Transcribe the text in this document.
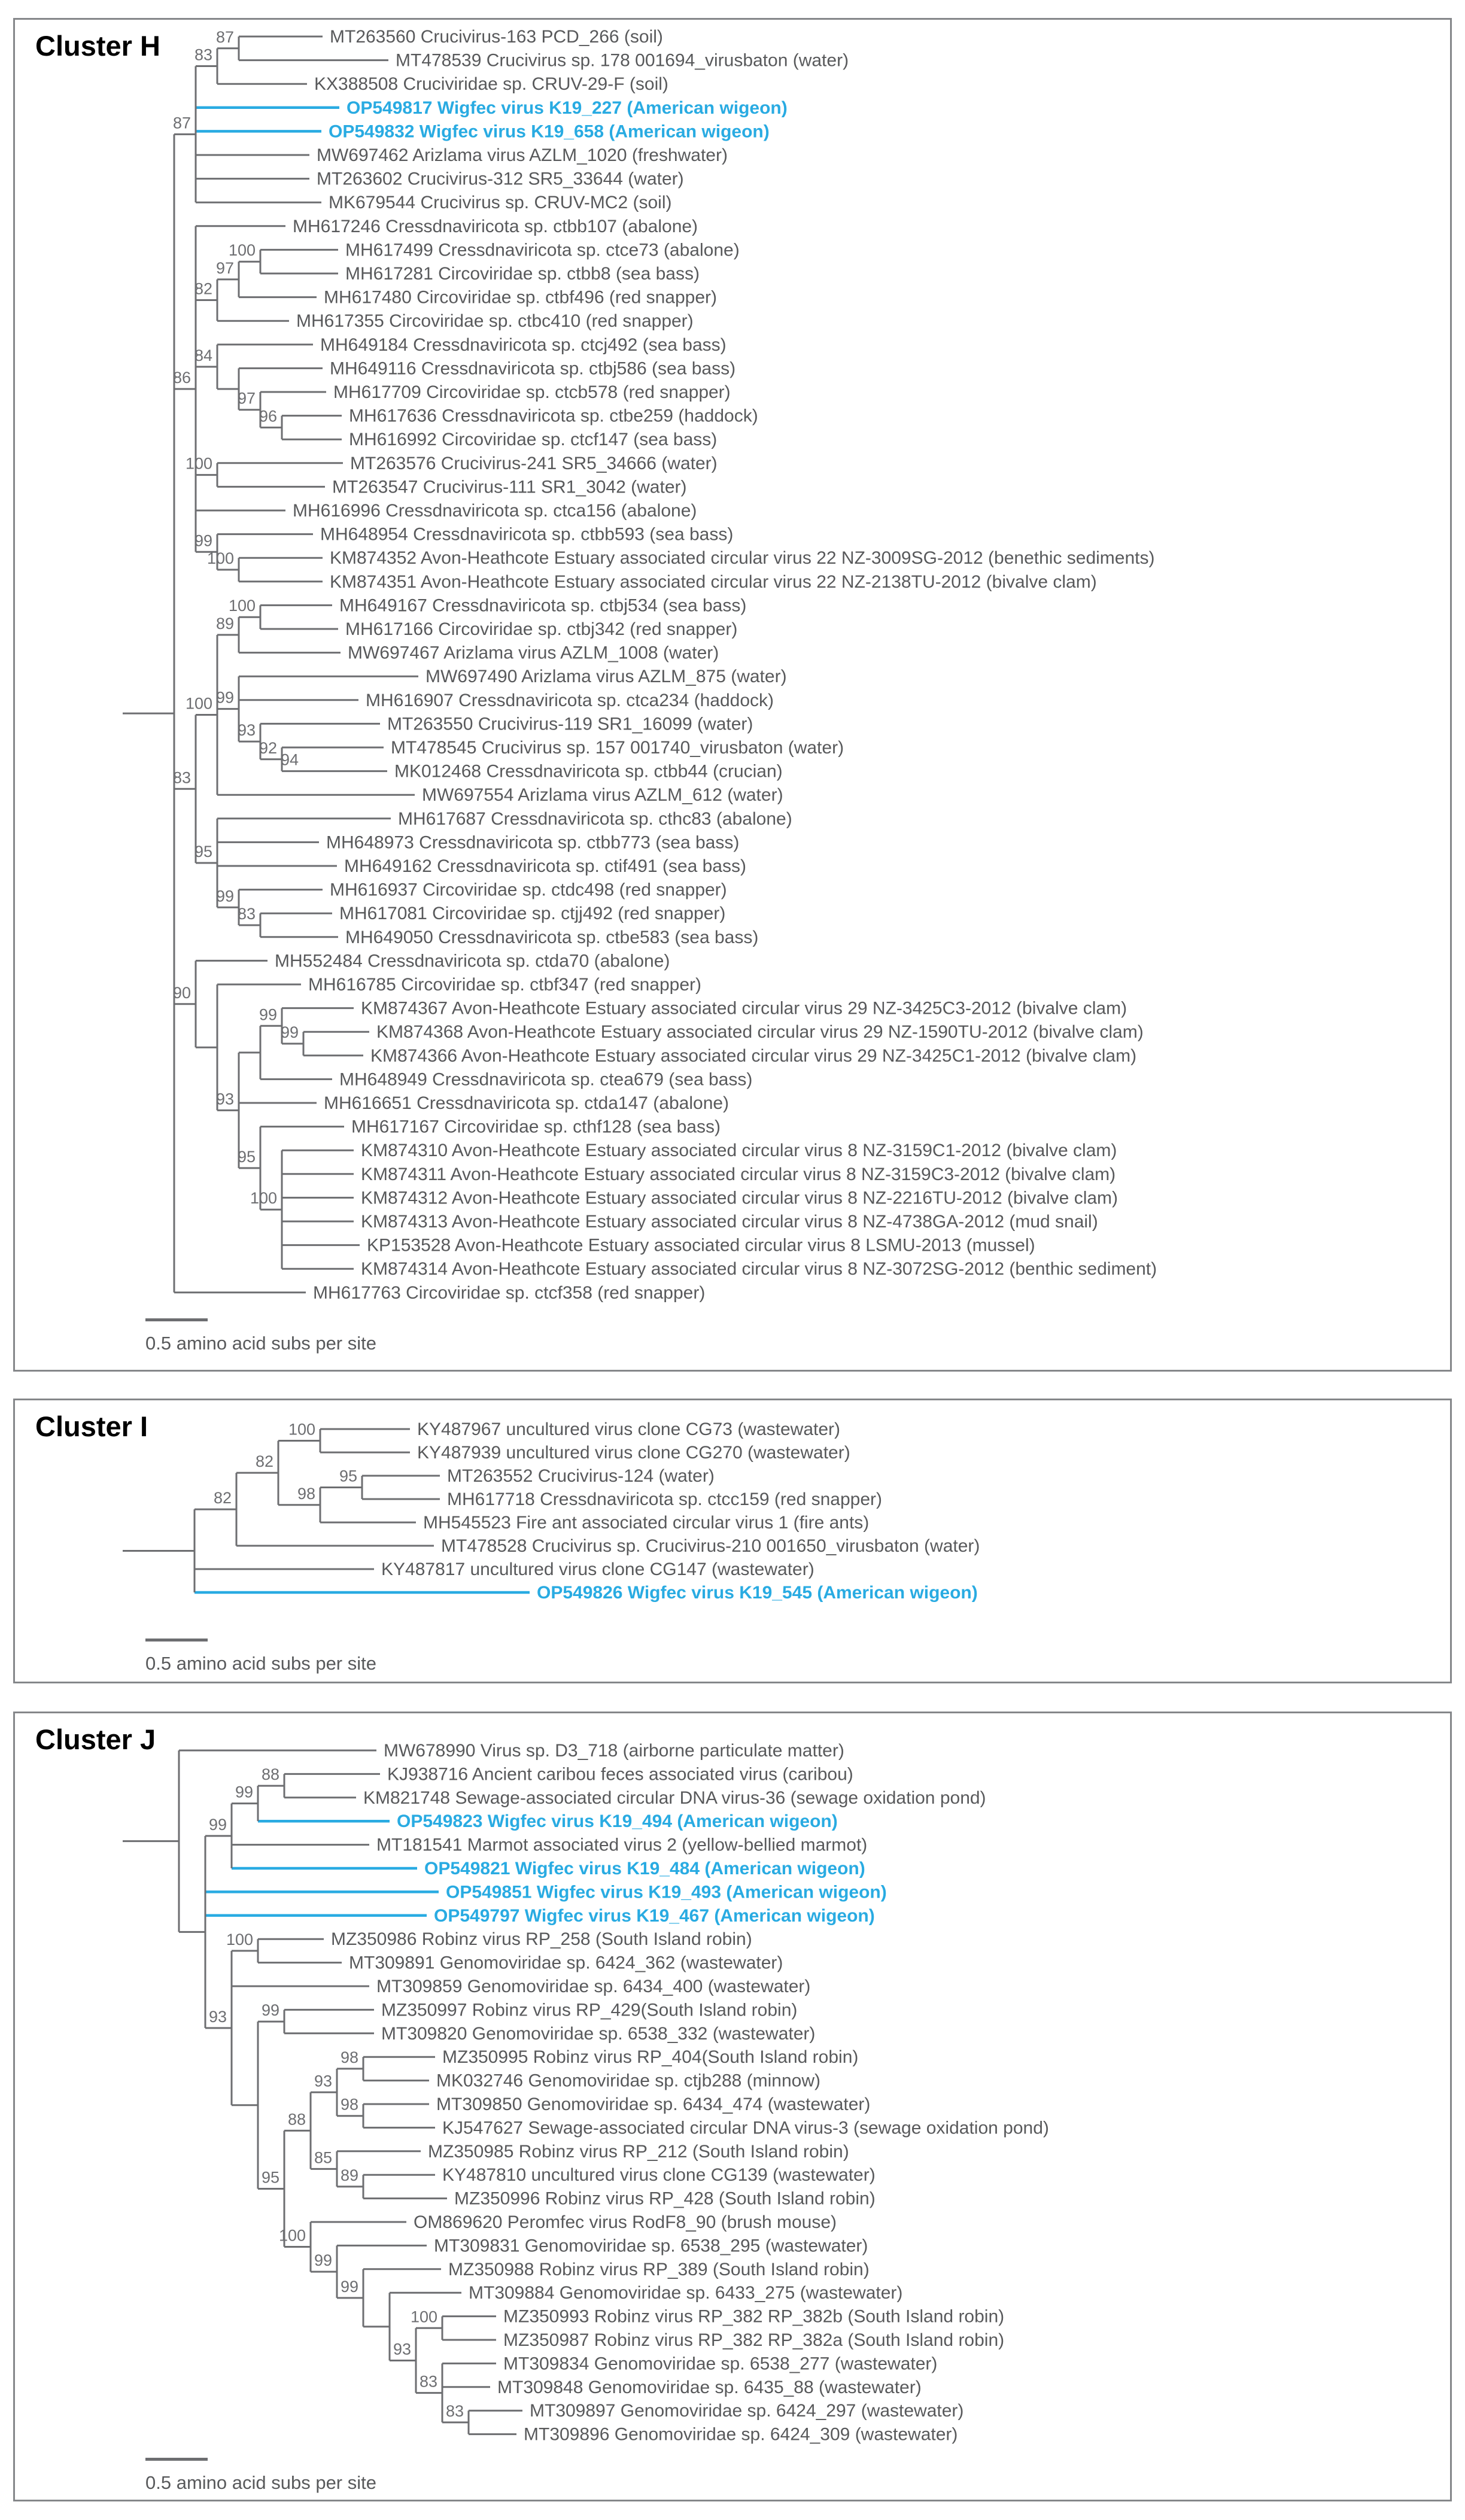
Cluster H	MT263560 Crucivirus-163 PCD_266 (soil)
MT478539 Crucivirus sp. 178 001694_virusbaton (water)
87
KX388508 Cruciviridae sp. CRUV-29-F (soil)
83
OP549817 Wigfec virus K19_227 (American wigeon)
OP549832 Wigfec virus K19_658 (American wigeon)
MW697462 Arizlama virus AZLM_1020 (freshwater)
MT263602 Crucivirus-312 SR5_33644 (water)
MK679544 Crucivirus sp. CRUV-MC2 (soil)
87
MH617246 Cressdnaviricota sp. ctbb107 (abalone)
MH617499 Cressdnaviricota sp. ctce73 (abalone)
MH617281 Circoviridae sp. ctbb8 (sea bass)
100
MH617480 Circoviridae sp. ctbf496 (red snapper)
97
MH617355 Circoviridae sp. ctbc410 (red snapper)
82
MH649184 Cressdnaviricota sp. ctcj492 (sea bass)
MH649116 Cressdnaviricota sp. ctbj586 (sea bass)
MH617709 Circoviridae sp. ctcb578 (red snapper)
MH617636 Cressdnaviricota sp. ctbe259 (haddock)
MH616992 Circoviridae sp. ctcf147 (sea bass)
96
97
84
MT263576 Crucivirus-241 SR5_34666 (water)
MT263547 Crucivirus-111 SR1_3042 (water)
100
MH616996 Cressdnaviricota sp. ctca156 (abalone)
MH648954 Cressdnaviricota sp. ctbb593 (sea bass)
KM874352 Avon-Heathcote Estuary associated circular virus 22 NZ-3009SG-2012 (benethic sediments)
KM874351 Avon-Heathcote Estuary associated circular virus 22 NZ-2138TU-2012 (bivalve clam)
100
99
86
MH649167 Cressdnaviricota sp. ctbj534 (sea bass)
MH617166 Circoviridae sp. ctbj342 (red snapper)
100
MW697467 Arizlama virus AZLM_1008 (water)
89
MW697490 Arizlama virus AZLM_875 (water)
MH616907 Cressdnaviricota sp. ctca234 (haddock)
MT263550 Crucivirus-119 SR1_16099 (water)
MT478545 Crucivirus sp. 157 001740_virusbaton (water)
MK012468 Cressdnaviricota sp. ctbb44 (crucian)
94
92
93
99
MW697554 Arizlama virus AZLM_612 (water)
100
MH617687 Cressdnaviricota sp. cthc83 (abalone)
MH648973 Cressdnaviricota sp. ctbb773 (sea bass)
MH649162 Cressdnaviricota sp. ctif491 (sea bass)
MH616937 Circoviridae sp. ctdc498 (red snapper)
MH617081 Circoviridae sp. ctjj492 (red snapper)
MH649050 Cressdnaviricota sp. ctbe583 (sea bass)
83
99
95
83
MH552484 Cressdnaviricota sp. ctda70 (abalone)
MH616785 Circoviridae sp. ctbf347 (red snapper)
KM874367 Avon-Heathcote Estuary associated circular virus 29 NZ-3425C3-2012 (bivalve clam)
KM874368 Avon-Heathcote Estuary associated circular virus 29 NZ-1590TU-2012 (bivalve clam)
KM874366 Avon-Heathcote Estuary associated circular virus 29 NZ-3425C1-2012 (bivalve clam)
99
99
MH648949 Cressdnaviricota sp. ctea679 (sea bass)
MH616651 Cressdnaviricota sp. ctda147 (abalone)
MH617167 Circoviridae sp. cthf128 (sea bass)
KM874310 Avon-Heathcote Estuary associated circular virus 8 NZ-3159C1-2012 (bivalve clam)
KM874311 Avon-Heathcote Estuary associated circular virus 8 NZ-3159C3-2012 (bivalve clam)
KM874312 Avon-Heathcote Estuary associated circular virus 8 NZ-2216TU-2012 (bivalve clam)
KM874313 Avon-Heathcote Estuary associated circular virus 8 NZ-4738GA-2012 (mud snail)
KP153528 Avon-Heathcote Estuary associated circular virus 8 LSMU-2013 (mussel)
KM874314 Avon-Heathcote Estuary associated circular virus 8 NZ-3072SG-2012 (benthic sediment)
100
95
93
90
MH617763 Circoviridae sp. ctcf358 (red snapper)
0.5 amino acid subs per site
Cluster I	KY487967 uncultured virus clone CG73 (wastewater)
KY487939 uncultured virus clone CG270 (wastewater)
100
MT263552 Crucivirus-124 (water)
MH617718 Cressdnaviricota sp. ctcc159 (red snapper)
95
MH545523 Fire ant associated circular virus 1 (fire ants)
98
82
MT478528 Crucivirus sp. Crucivirus-210 001650_virusbaton (water)
82
KY487817 uncultured virus clone CG147 (wastewater)
OP549826 Wigfec virus K19_545 (American wigeon)
0.5 amino acid subs per site
Cluster J	MW678990 Virus sp. D3_718 (airborne particulate matter)
KJ938716 Ancient caribou feces associated virus (caribou)
KM821748 Sewage-associated circular DNA virus-36 (sewage oxidation pond)
88
OP549823 Wigfec virus K19_494 (American wigeon)
99
MT181541 Marmot associated virus 2 (yellow-bellied marmot)
OP549821 Wigfec virus K19_484 (American wigeon)
99
OP549851 Wigfec virus K19_493 (American wigeon)
OP549797 Wigfec virus K19_467 (American wigeon)
MZ350986 Robinz virus RP_258 (South Island robin)
MT309891 Genomoviridae sp. 6424_362 (wastewater)
100
MT309859 Genomoviridae sp. 6434_400 (wastewater)
MZ350997 Robinz virus RP_429(South Island robin)
MT309820 Genomoviridae sp. 6538_332 (wastewater)
99
MZ350995 Robinz virus RP_404(South Island robin)
MK032746 Genomoviridae sp. ctjb288 (minnow)
98
MT309850 Genomoviridae sp. 6434_474 (wastewater)
KJ547627 Sewage-associated circular DNA virus-3 (sewage oxidation pond)
98
93
MZ350985 Robinz virus RP_212 (South Island robin)
KY487810 uncultured virus clone CG139 (wastewater)
MZ350996 Robinz virus RP_428 (South Island robin)
89
85
88
OM869620 Peromfec virus RodF8_90 (brush mouse)
MT309831 Genomoviridae sp. 6538_295 (wastewater)
MZ350988 Robinz virus RP_389 (South Island robin)
MT309884 Genomoviridae sp. 6433_275 (wastewater)
MZ350993 Robinz virus RP_382 RP_382b (South Island robin)
MZ350987 Robinz virus RP_382 RP_382a (South Island robin)
100
MT309834 Genomoviridae sp. 6538_277 (wastewater)
MT309848 Genomoviridae sp. 6435_88 (wastewater)
MT309897 Genomoviridae sp. 6424_297 (wastewater)
MT309896 Genomoviridae sp. 6424_309 (wastewater)
83
83
93
99
99
100
95
93
0.5 amino acid subs per site
